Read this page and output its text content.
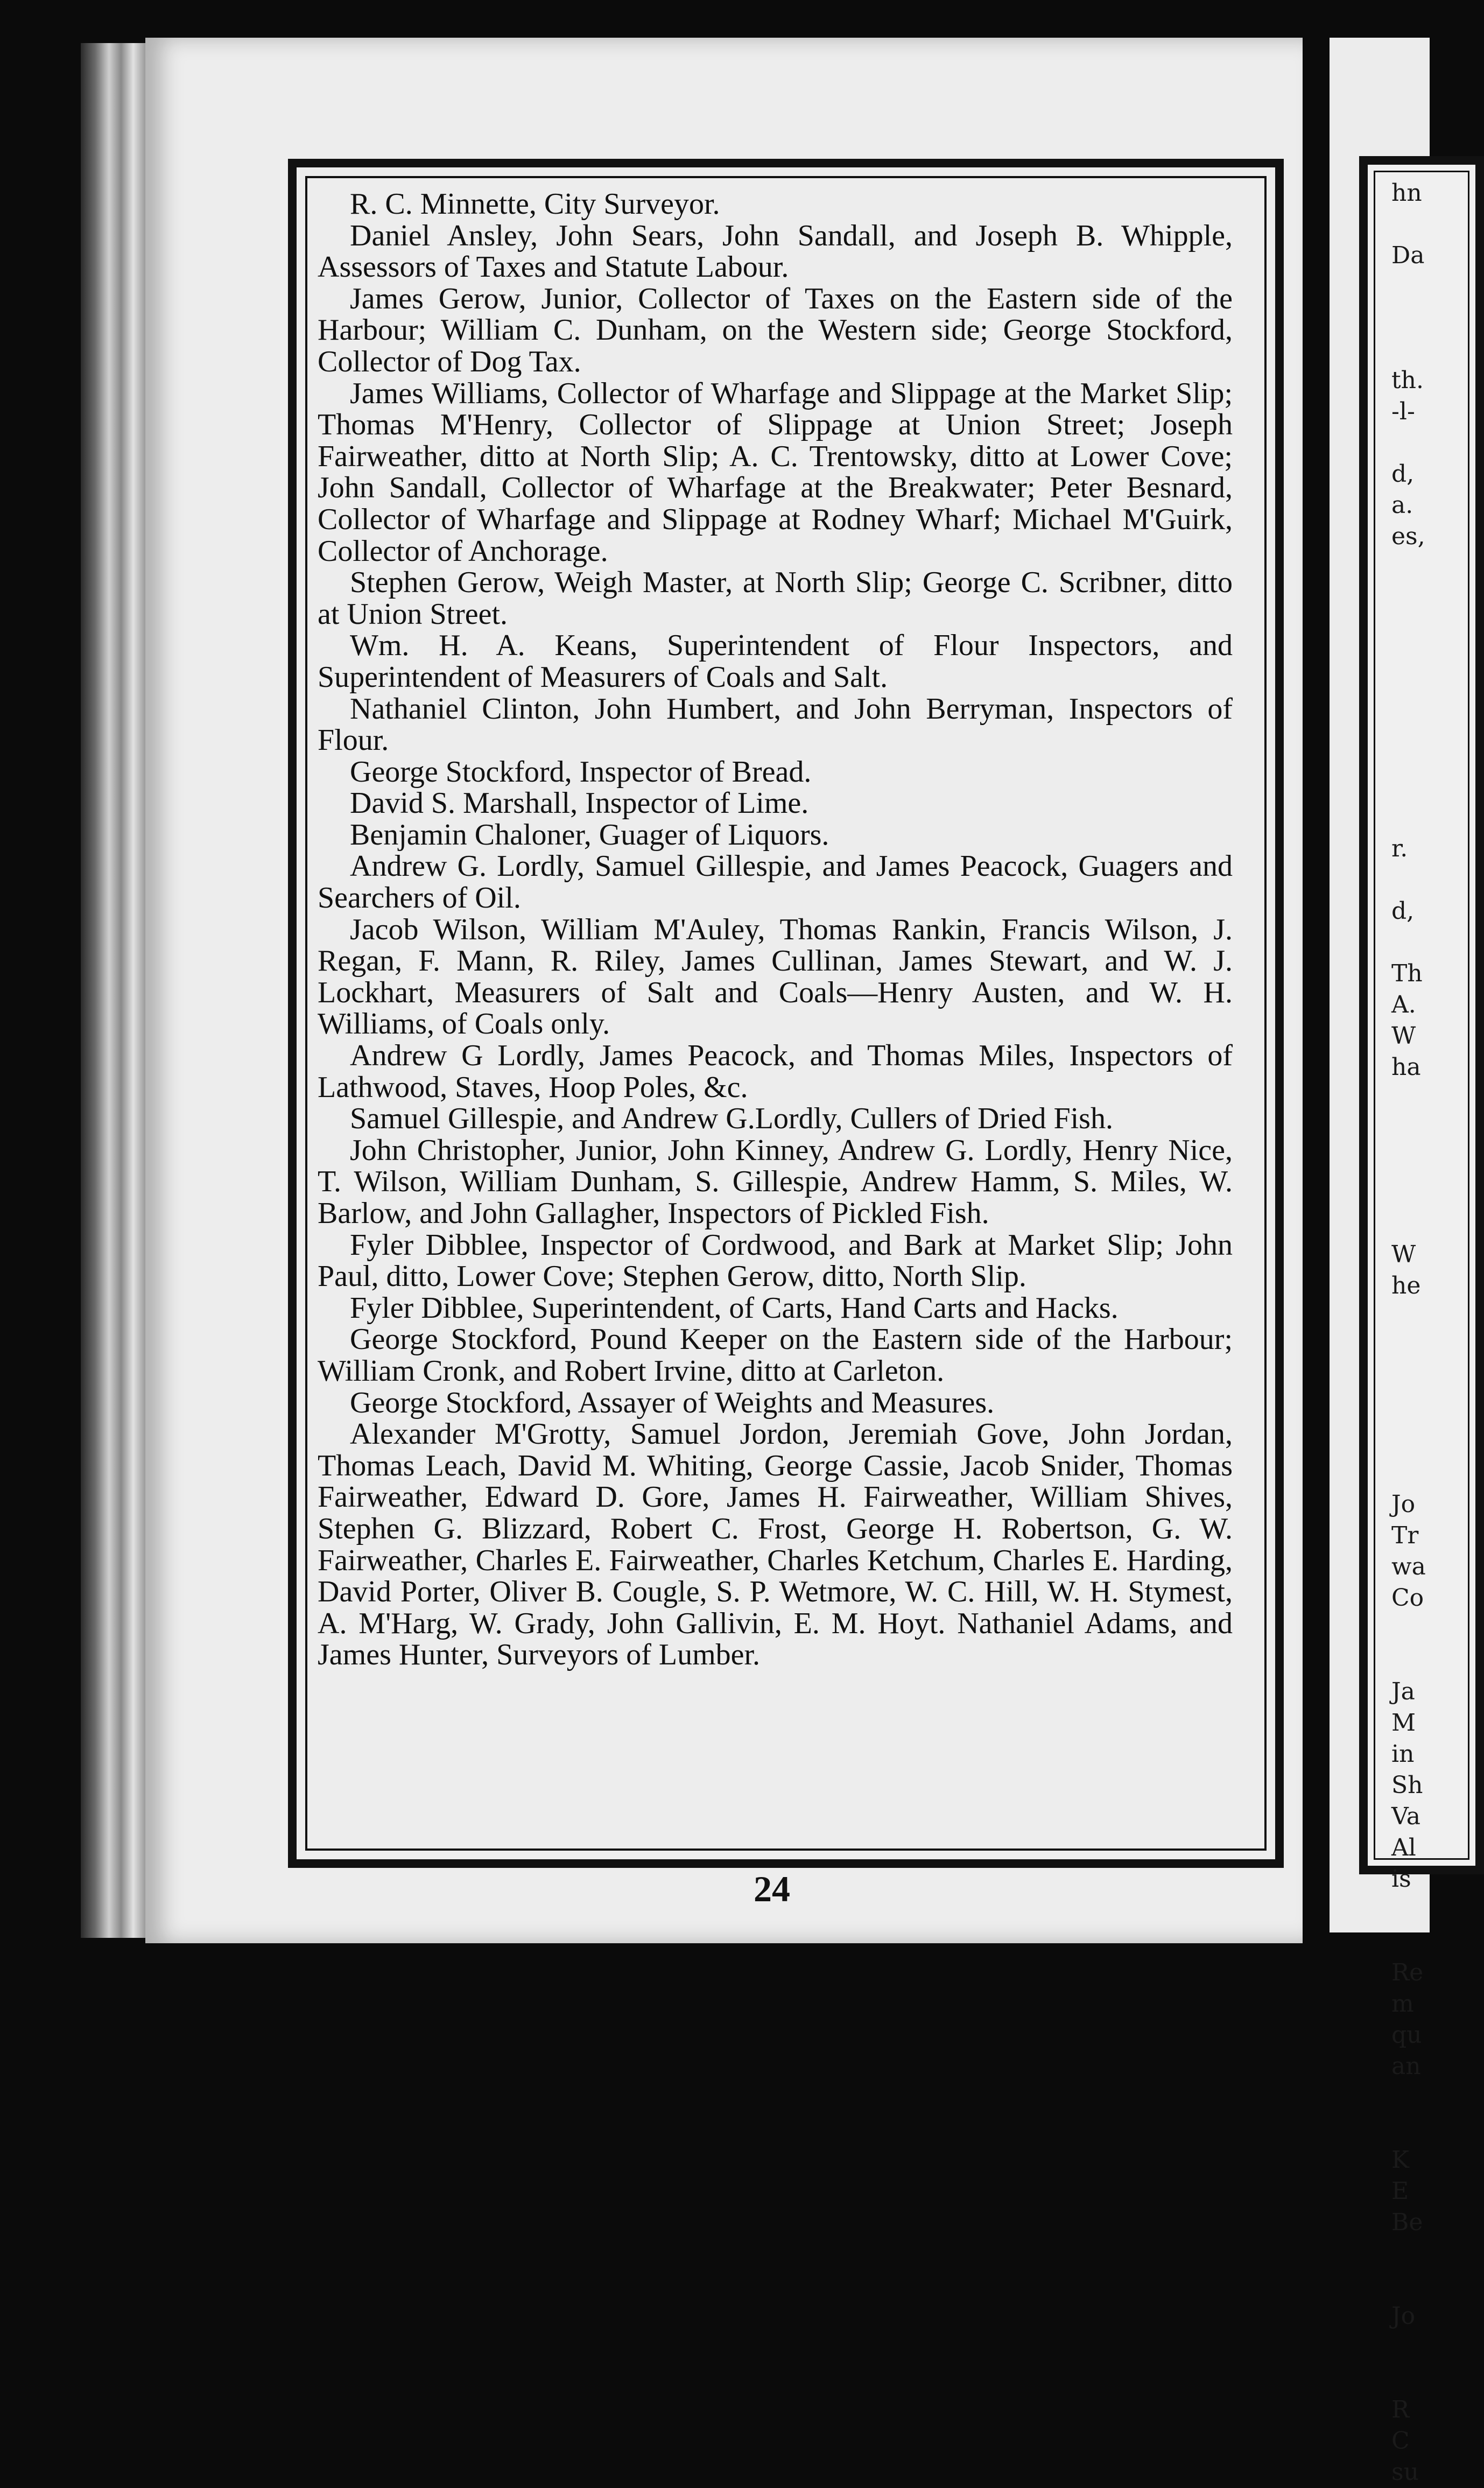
hn

Da

th.
-l-

d,
a.
es,

r.

d,

Th
A.
W
ha

W
he

Jo
Tr
wa
Co

Ja
M
in
Sh
Va
Al
is

Re
m
qu
an

K
E
Be

Jo

R
C
su

R. C. Minnette, City Surveyor.

Daniel Ansley, John Sears, John Sandall, and Joseph B. Whipple, Assessors of Taxes and Statute Labour.

James Gerow, Junior, Collector of Taxes on the Eastern side of the Harbour; William C. Dunham, on the Western side; George Stockford, Collector of Dog Tax.

James Williams, Collector of Wharfage and Slippage at the Market Slip; Thomas M'Henry, Collector of Slippage at Union Street; Joseph Fairweather, ditto at North Slip; A. C. Trentowsky, ditto at Lower Cove; John Sandall, Collector of Wharfage at the Breakwater; Peter Besnard, Collector of Wharfage and Slippage at Rodney Wharf; Michael M'Guirk, Collector of Anchorage.

Stephen Gerow, Weigh Master, at North Slip; George C. Scribner, ditto at Union Street.

Wm. H. A. Keans, Superintendent of Flour Inspectors, and Superintendent of Measurers of Coals and Salt.

Nathaniel Clinton, John Humbert, and John Berryman, Inspectors of Flour.

George Stockford, Inspector of Bread.

David S. Marshall, Inspector of Lime.

Benjamin Chaloner, Guager of Liquors.

Andrew G. Lordly, Samuel Gillespie, and James Peacock, Guagers and Searchers of Oil.

Jacob Wilson, William M'Auley, Thomas Rankin, Francis Wilson, J. Regan, F. Mann, R. Riley, James Cullinan, James Stewart, and W. J. Lockhart, Measurers of Salt and Coals—Henry Austen, and W. H. Williams, of Coals only.

Andrew G Lordly, James Peacock, and Thomas Miles, Inspectors of Lathwood, Staves, Hoop Poles, &c.

Samuel Gillespie, and Andrew G.Lordly, Cullers of Dried Fish.

John Christopher, Junior, John Kinney, Andrew G. Lordly, Henry Nice, T. Wilson, William Dunham, S. Gillespie, Andrew Hamm, S. Miles, W. Barlow, and John Gallagher, Inspectors of Pickled Fish.

Fyler Dibblee, Inspector of Cordwood, and Bark at Market Slip; John Paul, ditto, Lower Cove; Stephen Gerow, ditto, North Slip.

Fyler Dibblee, Superintendent, of Carts, Hand Carts and Hacks.

George Stockford, Pound Keeper on the Eastern side of the Harbour; William Cronk, and Robert Irvine, ditto at Carleton.

George Stockford, Assayer of Weights and Measures.

Alexander M'Grotty, Samuel Jordon, Jeremiah Gove, John Jordan, Thomas Leach, David M. Whiting, George Cassie, Jacob Snider, Thomas Fairweather, Edward D. Gore, James H. Fairweather, William Shives, Stephen G. Blizzard, Robert C. Frost, George H. Robertson, G. W. Fairweather, Charles E. Fairweather, Charles Ketchum, Charles E. Harding, David Porter, Oliver B. Cougle, S. P. Wetmore, W. C. Hill, W. H. Stymest, A. M'Harg, W. Grady, John Gallivin, E. M. Hoyt. Nathaniel Adams, and James Hunter, Surveyors of Lumber.

24
